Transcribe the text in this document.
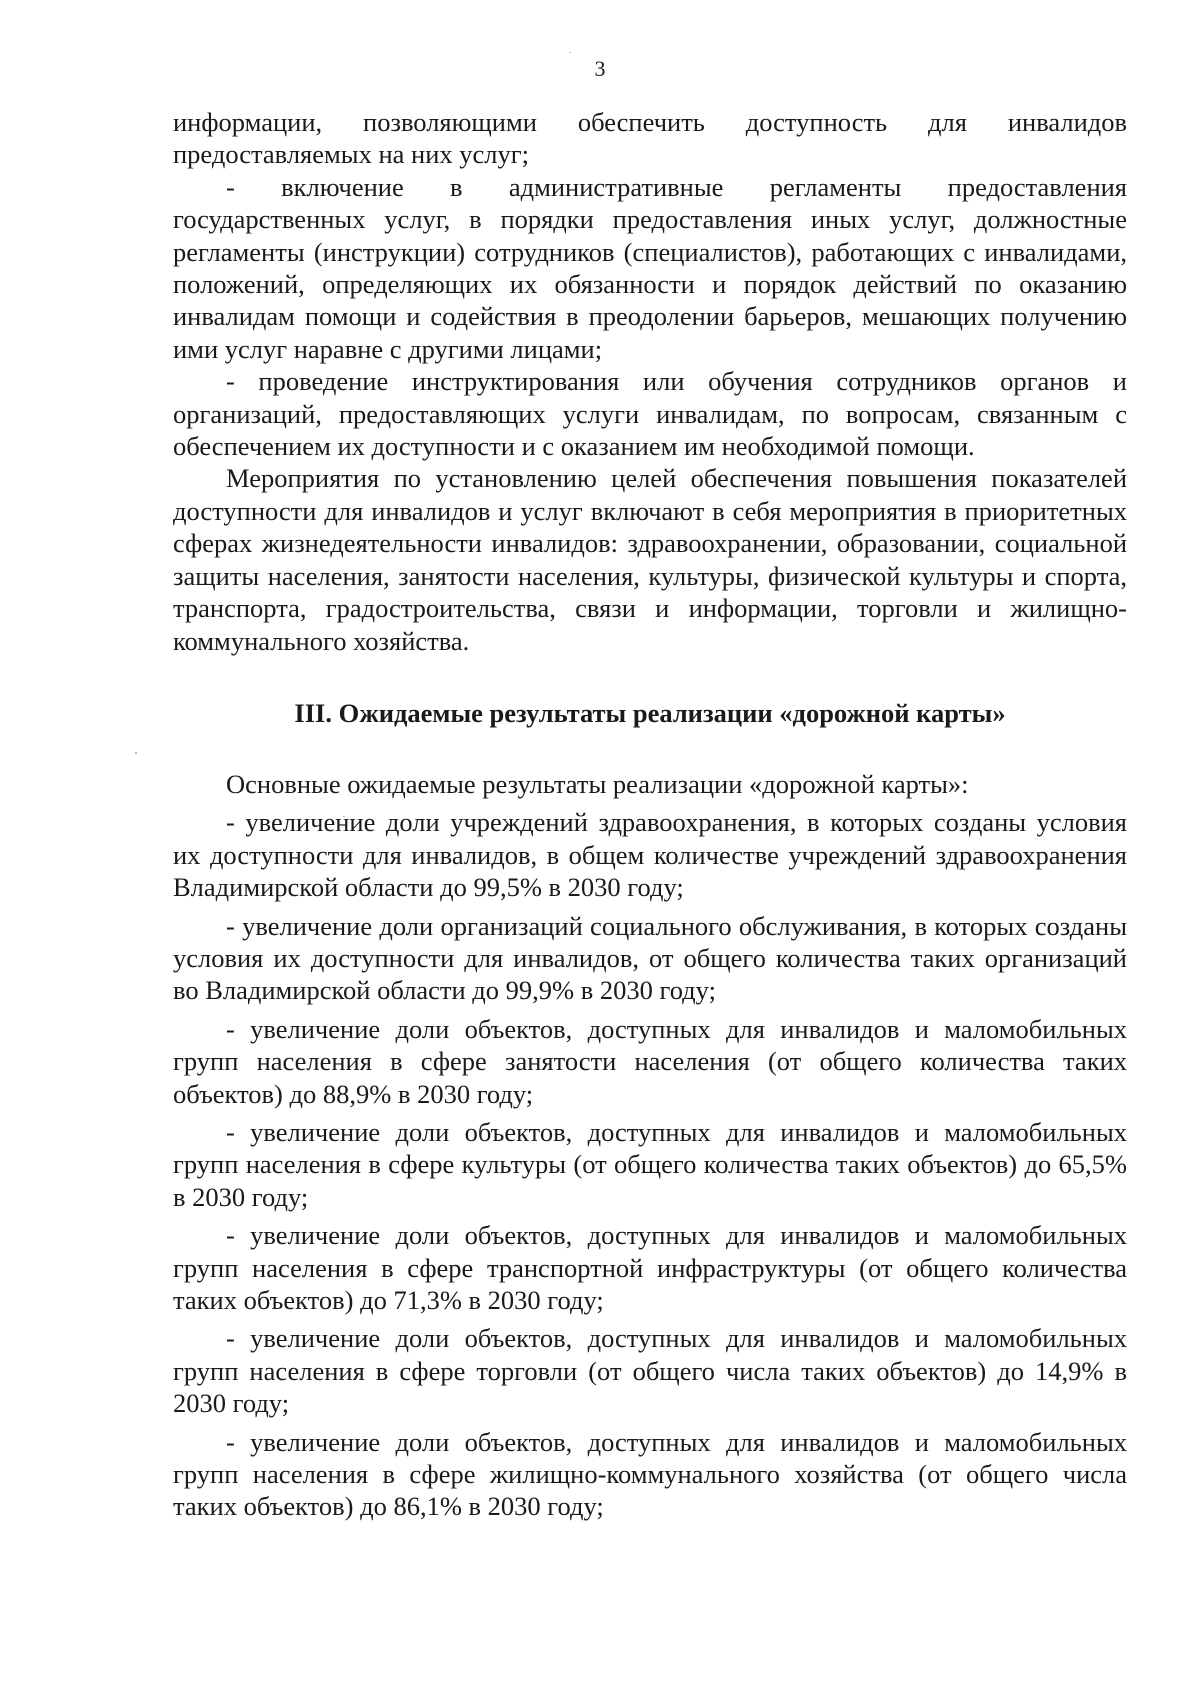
3

информации, позволяющими обеспечить доступность для инвалидов предоставляемых на них услуг;

- включение в административные регламенты предоставления государственных услуг, в порядки предоставления иных услуг, должностные регламенты (инструкции) сотрудников (специалистов), работающих с инвалидами, положений, определяющих их обязанности и порядок действий по оказанию инвалидам помощи и содействия в преодолении барьеров, мешающих получению ими услуг наравне с другими лицами;

- проведение инструктирования или обучения сотрудников органов и организаций, предоставляющих услуги инвалидам, по вопросам, связанным с обеспечением их доступности и с оказанием им необходимой помощи.

Мероприятия по установлению целей обеспечения повышения показателей доступности для инвалидов и услуг включают в себя мероприятия в приоритетных сферах жизнедеятельности инвалидов: здравоохранении, образовании, социальной защиты населения, занятости населения, культуры, физической культуры и спорта, транспорта, градостроительства, связи и информации, торговли и жилищно-коммунального хозяйства.

III. Ожидаемые результаты реализации «дорожной карты»

Основные ожидаемые результаты реализации «дорожной карты»:

- увеличение доли учреждений здравоохранения, в которых созданы условия их доступности для инвалидов, в общем количестве учреждений здравоохранения Владимирской области до 99,5% в 2030 году;

- увеличение доли организаций социального обслуживания, в которых созданы условия их доступности для инвалидов, от общего количества таких организаций во Владимирской области до 99,9% в 2030 году;

- увеличение доли объектов, доступных для инвалидов и маломобильных групп населения в сфере занятости населения (от общего количества таких объектов) до 88,9% в 2030 году;

- увеличение доли объектов, доступных для инвалидов и маломобильных групп населения в сфере культуры (от общего количества таких объектов) до 65,5% в 2030 году;

- увеличение доли объектов, доступных для инвалидов и маломобильных групп населения в сфере транспортной инфраструктуры (от общего количества таких объектов) до 71,3% в 2030 году;

- увеличение доли объектов, доступных для инвалидов и маломобильных групп населения в сфере торговли (от общего числа таких объектов) до 14,9% в 2030 году;

- увеличение доли объектов, доступных для инвалидов и маломобильных групп населения в сфере жилищно-коммунального хозяйства (от общего числа таких объектов) до 86,1% в 2030 году;
